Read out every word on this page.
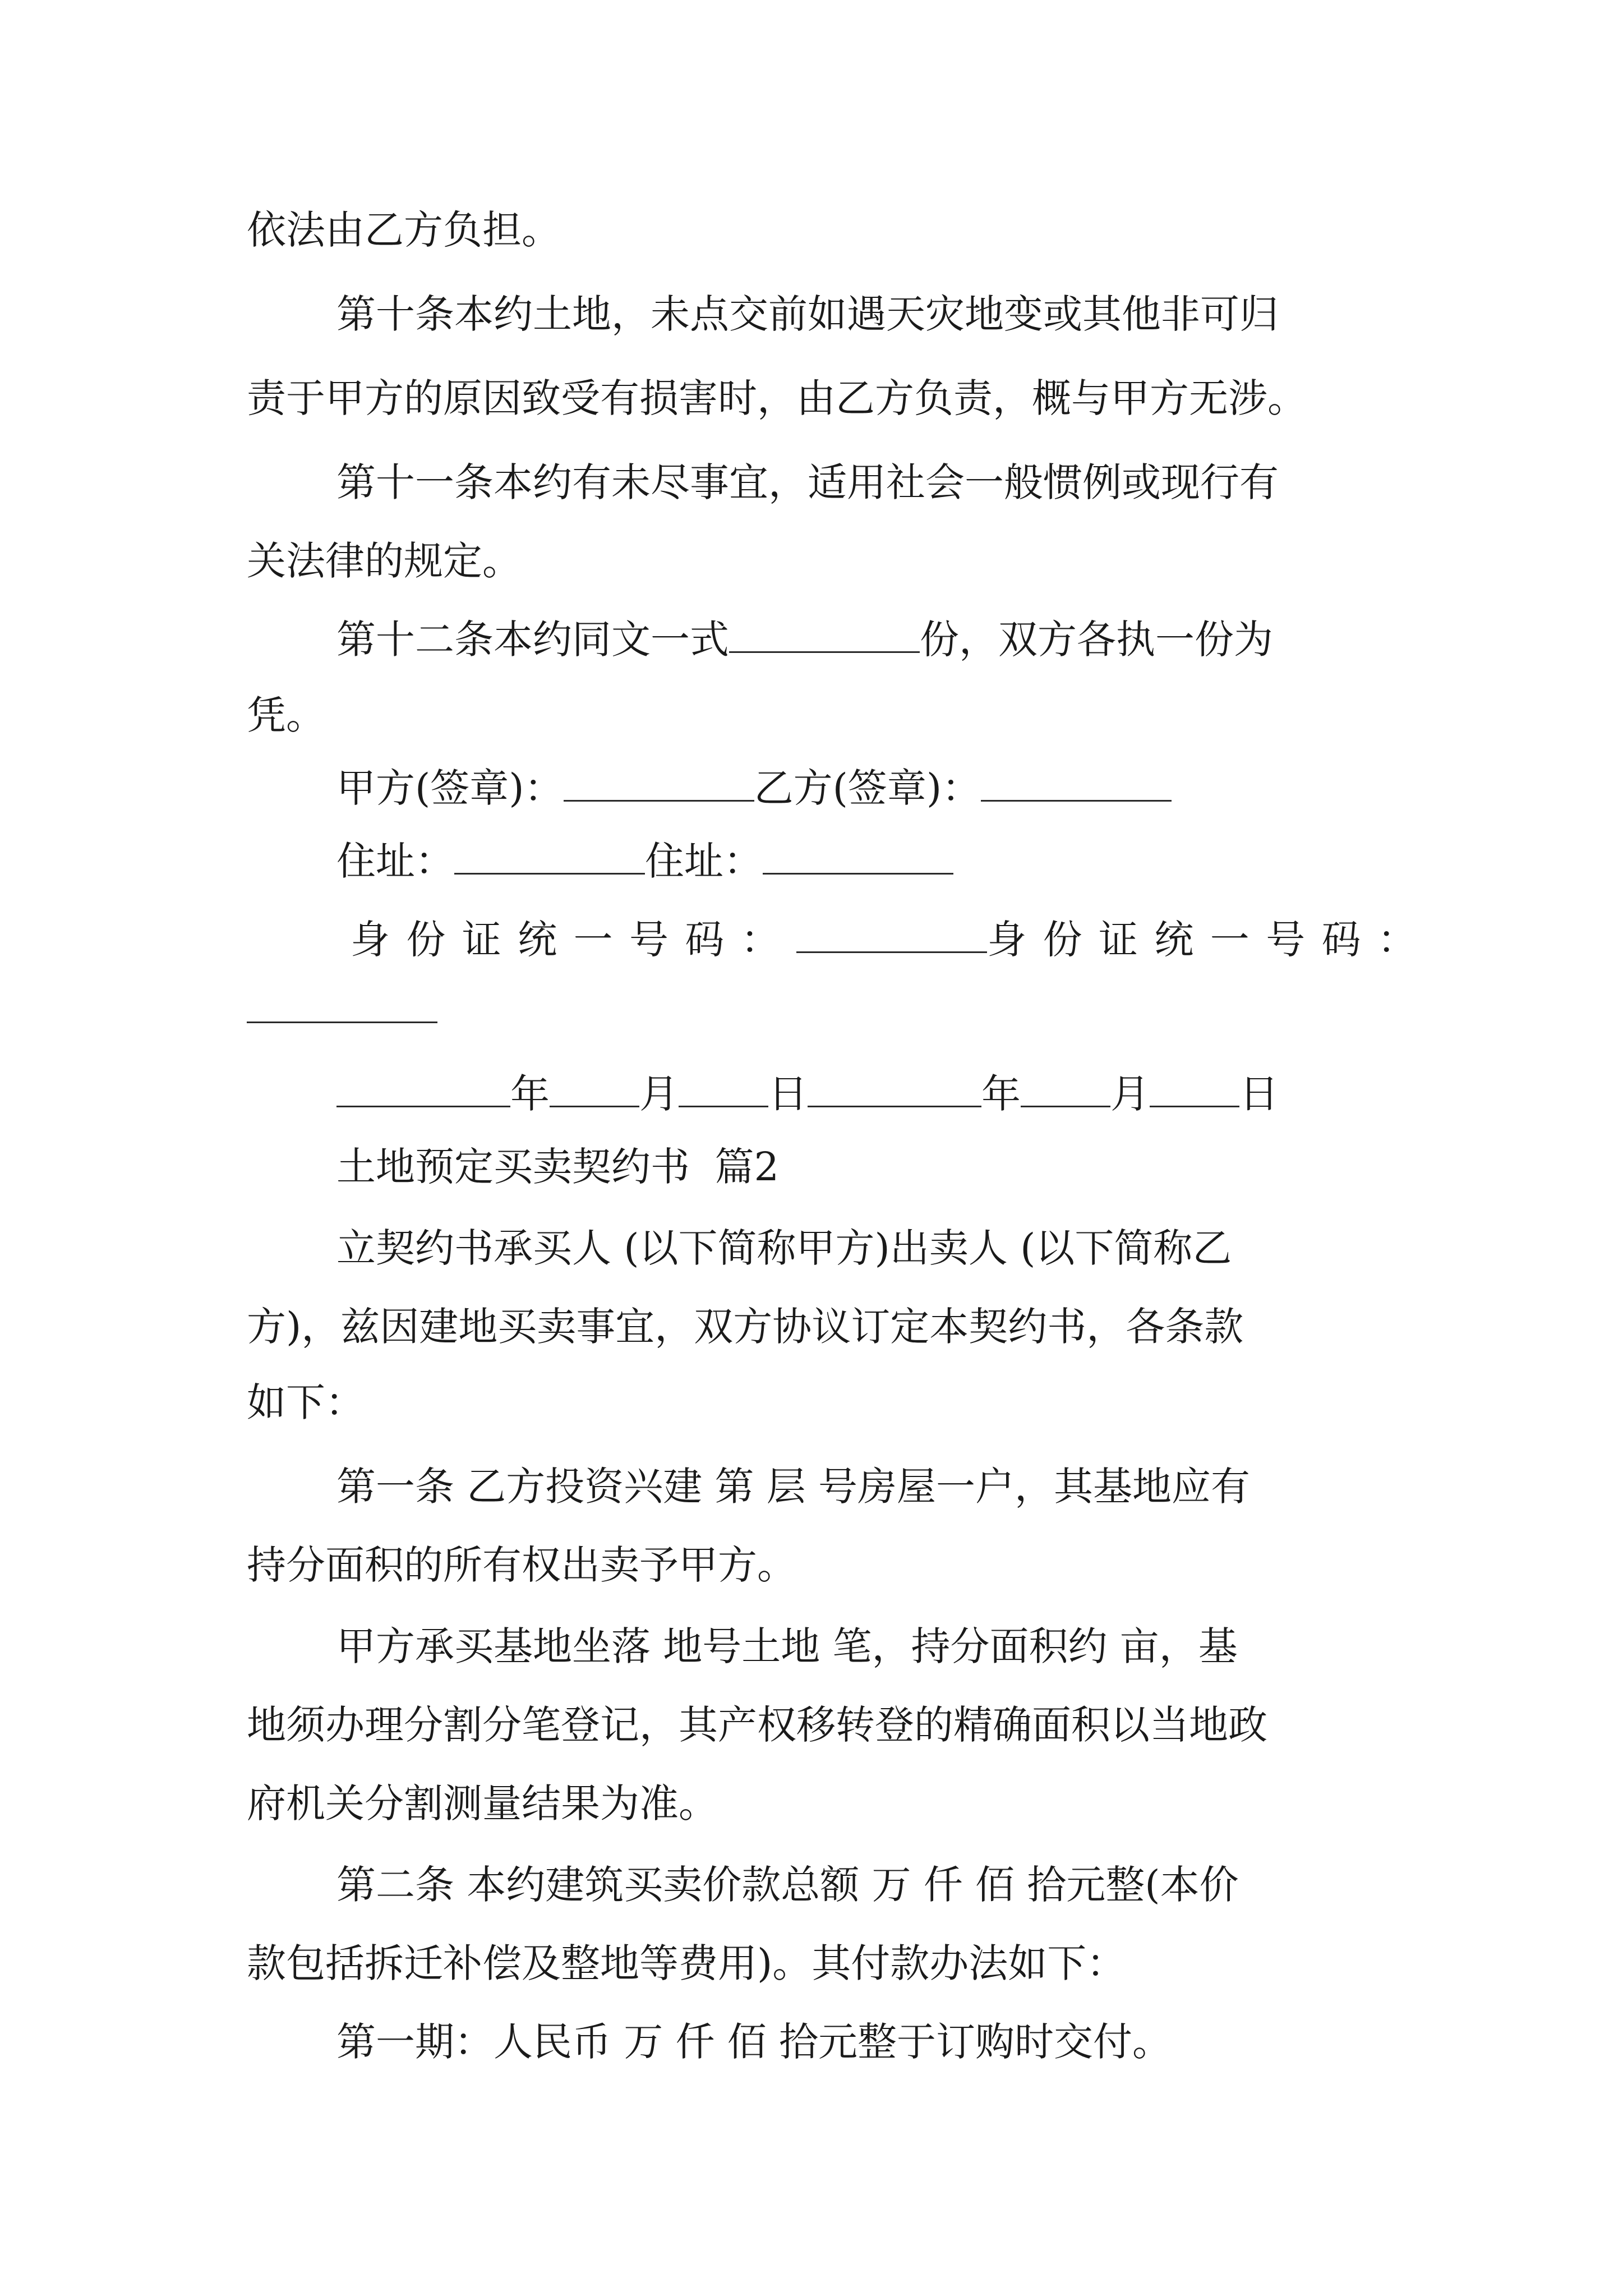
依法由乙方负担。

第十条本约土地，未点交前如遇天灾地变或其他非可归

责于甲方的原因致受有损害时，由乙方负责，概与甲方无涉。

第十一条本约有未尽事宜，适用社会一般惯例或现行有

关法律的规定。

第十二条本约同文一式	份，双方各执一份为

凭。

甲方(签章)：	乙方(签章)：

住址：	住址：

身份证统一号码：	身份证统一号码：

年 月 日	年 月 日

土地预定买卖契约书  篇2

立契约书承买人 (以下简称甲方)出卖人 (以下简称乙

方)，兹因建地买卖事宜，双方协议订定本契约书，各条款

如下：

第一条 乙方投资兴建 第 层 号房屋一户，其基地应有

持分面积的所有权出卖予甲方。

甲方承买基地坐落 地号土地 笔，持分面积约 亩，基

地须办理分割分笔登记，其产权移转登的精确面积以当地政

府机关分割测量结果为准。

第二条 本约建筑买卖价款总额 万 仟 佰 拾元整(本价

款包括拆迁补偿及整地等费用)。其付款办法如下：

第一期：人民币 万 仟 佰 拾元整于订购时交付。
